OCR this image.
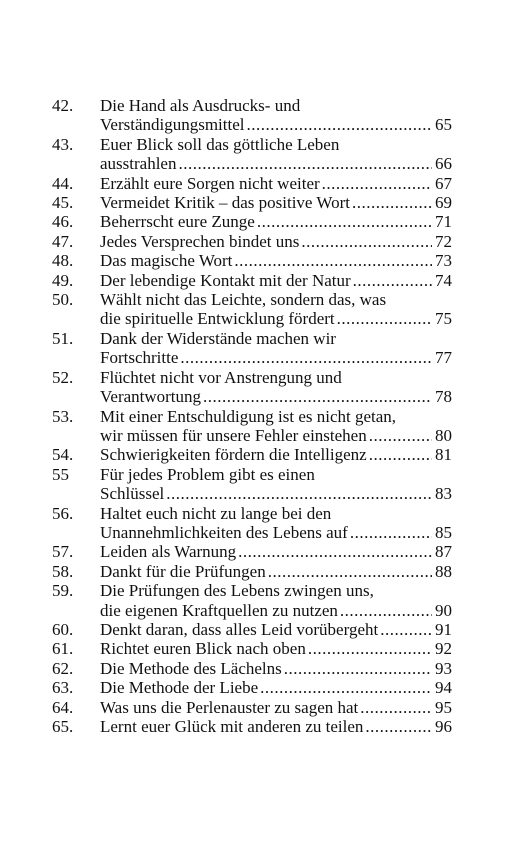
42.	Die Hand als Ausdrucks- und
Verständigungsmittel .....	65
43.	Euer Blick soll das göttliche Leben
ausstrahlen .....	66
44.	Erzählt eure Sorgen nicht weiter .....	67
45.	Vermeidet Kritik – das positive Wort .....	69
46.	Beherrscht eure Zunge .....	71
47.	Jedes Versprechen bindet uns .....	72
48.	Das magische Wort .....	73
49.	Der lebendige Kontakt mit der Natur .....	74
50.	Wählt nicht das Leichte, sondern das, was
die spirituelle Entwicklung fördert .....	75
51.	Dank der Widerstände machen wir
Fortschritte .....	77
52.	Flüchtet nicht vor Anstrengung und
Verantwortung .....	78
53.	Mit einer Entschuldigung ist es nicht getan,
wir müssen für unsere Fehler einstehen .....	80
54.	Schwierigkeiten fördern die Intelligenz .....	81
55	Für jedes Problem gibt es einen
Schlüssel .....	83
56.	Haltet euch nicht zu lange bei den
Unannehmlichkeiten des Lebens auf .....	85
57.	Leiden als Warnung .....	87
58.	Dankt für die Prüfungen .....	88
59.	Die Prüfungen des Lebens zwingen uns,
die eigenen Kraftquellen zu nutzen .....	90
60.	Denkt daran, dass alles Leid vorübergeht .....	91
61.	Richtet euren Blick nach oben .....	92
62.	Die Methode des Lächelns .....	93
63.	Die Methode der Liebe .....	94
64.	Was uns die Perlenauster zu sagen hat .....	95
65.	Lernt euer Glück mit anderen zu teilen .....	96
